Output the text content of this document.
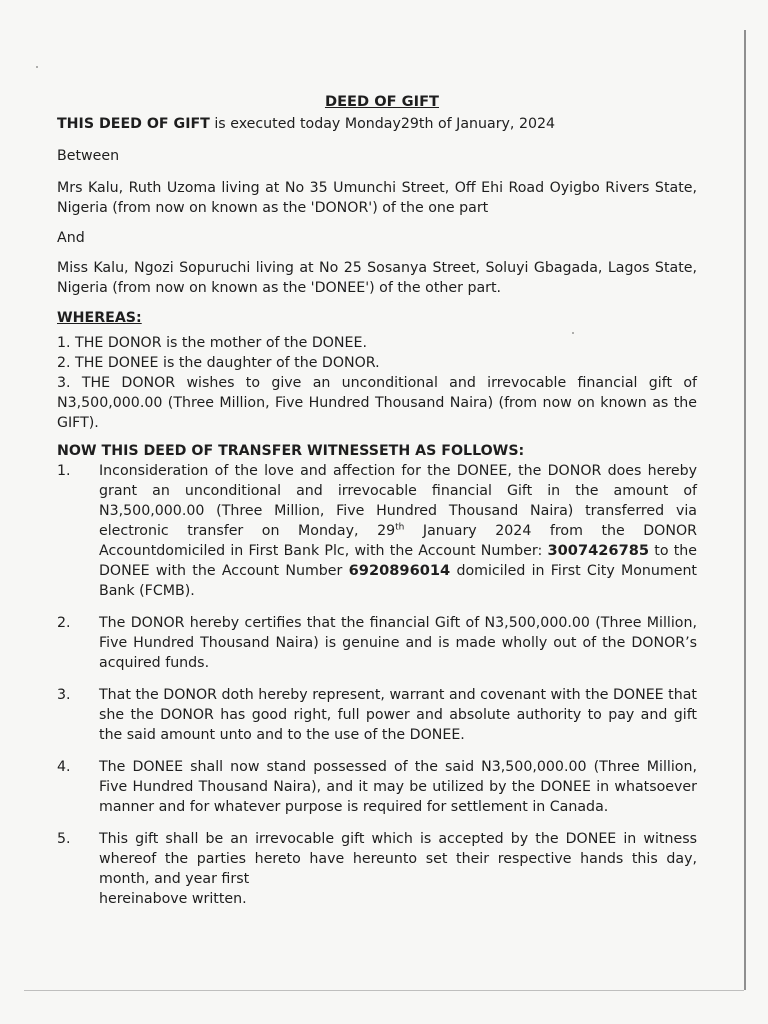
DEED OF GIFT

THIS DEED OF GIFT is executed today Monday29th of January, 2024

Between

Mrs Kalu, Ruth Uzoma living at No 35 Umunchi Street, Off Ehi Road Oyigbo Rivers State, Nigeria (from now on known as the 'DONOR') of the one part

And

Miss Kalu, Ngozi Sopuruchi living at No 25 Sosanya Street, Soluyi Gbagada, Lagos State, Nigeria (from now on known as the 'DONEE') of the other part.

WHEREAS:

1. THE DONOR is the mother of the DONEE.

2. THE DONEE is the daughter of the DONOR.

3. THE DONOR wishes to give an unconditional and irrevocable financial gift of N3,500,000.00 (Three Million, Five Hundred Thousand Naira) (from now on known as the GIFT).

NOW THIS DEED OF TRANSFER WITNESSETH AS FOLLOWS:

1.	Inconsideration of the love and affection for the DONEE, the DONOR does hereby grant an unconditional and irrevocable financial Gift in the amount of N3,500,000.00 (Three Million, Five Hundred Thousand Naira) transferred via electronic transfer on Monday, 29th January 2024 from the DONOR Accountdomiciled in First Bank Plc, with the Account Number: 3007426785 to the DONEE with the Account Number 6920896014 domiciled in First City Monument Bank (FCMB).
2.	The DONOR hereby certifies that the financial Gift of N3,500,000.00 (Three Million, Five Hundred Thousand Naira) is genuine and is made wholly out of the DONOR’s acquired funds.
3.	That the DONOR doth hereby represent, warrant and covenant with the DONEE that she the DONOR has good right, full power and absolute authority to pay and gift the said amount unto and to the use of the DONEE.
4.	The DONEE shall now stand possessed of the said N3,500,000.00 (Three Million, Five Hundred Thousand Naira), and it may be utilized by the DONEE in whatsoever manner and for whatever purpose is required for settlement in Canada.
5.	This gift shall be an irrevocable gift which is accepted by the DONEE in witness whereof the parties hereto have hereunto set their respective hands this day, month, and year first
hereinabove written.
